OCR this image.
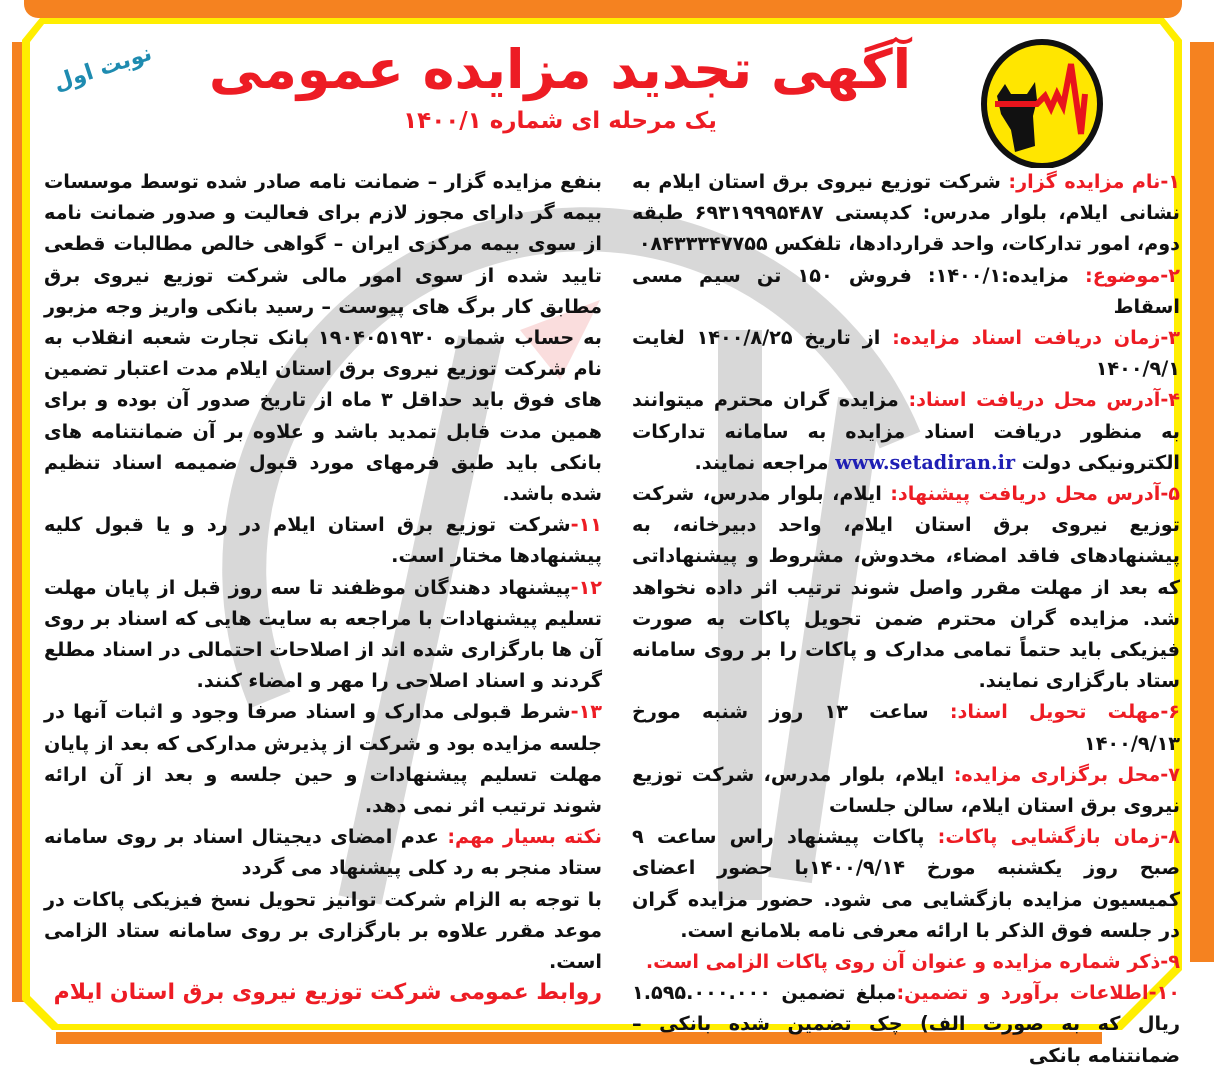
آگهی تجدید مزایده عمومی
یک مرحله ای شماره ۱۴۰۰/۱
نوبت اول

۱-نام مزایده گزار: شرکت توزیع نیروی برق استان ایلام به نشانی ایلام، بلوار مدرس: کدپستی ۶۹۳۱۹۹۹۵۴۸۷ طبقه دوم، امور تدارکات، واحد قراردادها، تلفکس ۰۸۴۳۳۳۴۷۷۵۵

۲-موضوع: مزایده:۱۴۰۰/۱: فروش ۱۵۰ تن سیم مسی اسقاط

۳-زمان دریافت اسناد مزایده: از تاریخ ۱۴۰۰/۸/۲۵ لغایت ۱۴۰۰/۹/۱

۴-آدرس محل دریافت اسناد: مزایده گران محترم میتوانند به منظور دریافت اسناد مزایده به سامانه تدارکات الکترونیکی دولت www.setadiran.ir مراجعه نمایند.

۵-آدرس محل دریافت پیشنهاد: ایلام، بلوار مدرس، شرکت توزیع نیروی برق استان ایلام، واحد دبیرخانه، به پیشنهادهای فاقد امضاء، مخدوش، مشروط و پیشنهاداتی که بعد از مهلت مقرر واصل شوند ترتیب اثر داده نخواهد شد. مزایده گران محترم ضمن تحویل پاکات به صورت فیزیکی باید حتماً تمامی مدارک و پاکات را بر روی سامانه ستاد بارگزاری نمایند.

۶-مهلت تحویل اسناد: ساعت ۱۳ روز شنبه مورخ ۱۴۰۰/۹/۱۳

۷-محل برگزاری مزایده: ایلام، بلوار مدرس، شرکت توزیع نیروی برق استان ایلام، سالن جلسات

۸-زمان بازگشایی پاکات: پاکات پیشنهاد راس ساعت ۹ صبح روز یکشنبه مورخ ۱۴۰۰/۹/۱۴با حضور اعضای کمیسیون مزایده بازگشایی می شود. حضور مزایده گران در جلسه فوق الذکر با ارائه معرفی نامه بلامانع است.

۹-ذکر شماره مزایده و عنوان آن روی پاکات الزامی است.

۱۰-اطلاعات برآورد و تضمین:مبلغ تضمین ۱.۵۹۵.۰۰۰.۰۰۰ ریال که به صورت الف) چک تضمین شده بانکی – ضمانتنامه بانکی

بنفع مزایده گزار – ضمانت نامه صادر شده توسط موسسات بیمه گر دارای مجوز لازم برای فعالیت و صدور ضمانت نامه از سوی بیمه مرکزی ایران – گواهی خالص مطالبات قطعی تایید شده از سوی امور مالی شرکت توزیع نیروی برق مطابق کار برگ های پیوست – رسید بانکی واریز وجه مزبور به حساب شماره ۱۹۰۴۰۵۱۹۳۰ بانک تجارت شعبه انقلاب به نام شرکت توزیع نیروی برق استان ایلام مدت اعتبار تضمین های فوق باید حداقل ۳ ماه از تاریخ صدور آن بوده و برای همین مدت قابل تمدید باشد و علاوه بر آن ضمانتنامه های بانکی باید طبق فرمهای مورد قبول ضمیمه اسناد تنظیم شده باشد.

۱۱-شرکت توزیع برق استان ایلام در رد و یا قبول کلیه پیشنهادها مختار است.

۱۲-پیشنهاد دهندگان موظفند تا سه روز قبل از پایان مهلت تسلیم پیشنهادات با مراجعه به سایت هایی که اسناد بر روی آن ها بارگزاری شده اند از اصلاحات احتمالی در اسناد مطلع گردند و اسناد اصلاحی را مهر و امضاء کنند.

۱۳-شرط قبولی مدارک و اسناد صرفا وجود و اثبات آنها در جلسه مزایده بود و شرکت از پذیرش مدارکی که بعد از پایان مهلت تسلیم پیشنهادات و حین جلسه و بعد از آن ارائه شوند ترتیب اثر نمی دهد.

نکته بسیار مهم: عدم امضای دیجیتال اسناد بر روی سامانه ستاد منجر به رد کلی پیشنهاد می گردد

با توجه به الزام شرکت توانیز تحویل نسخ فیزیکی پاکات در موعد مقرر علاوه بر بارگزاری بر روی سامانه ستاد الزامی است.

روابط عمومی شرکت توزیع نیروی برق استان ایلام
